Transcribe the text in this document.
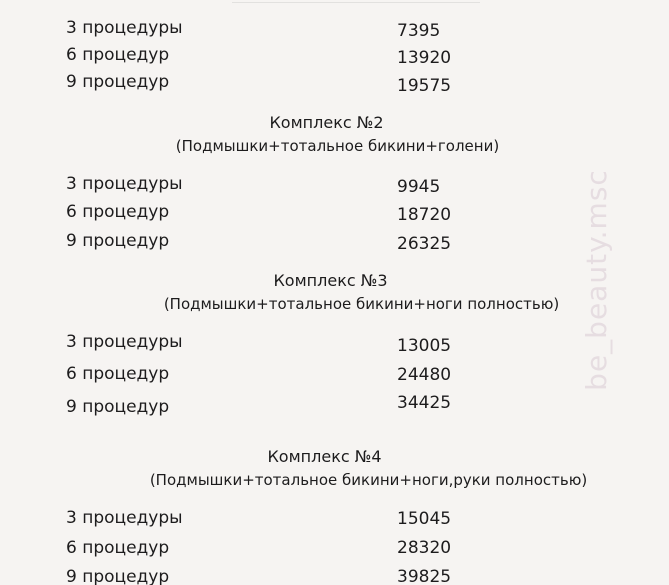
3 процедуры	7395
6 процедур	13920
9 процедур	19575
Комплекс №2
(Подмышки+тотальное бикини+голени)
3 процедуры	9945
6 процедур	18720
9 процедур	26325
Комплекс №3
(Подмышки+тотальное бикини+ноги полностью)
3 процедуры	13005
6 процедур	24480
9 процедур	34425
Комплекс №4
(Подмышки+тотальное бикини+ноги,руки полностью)
3 процедуры	15045
6 процедур	28320
9 процедур	39825
be_beauty.msc
